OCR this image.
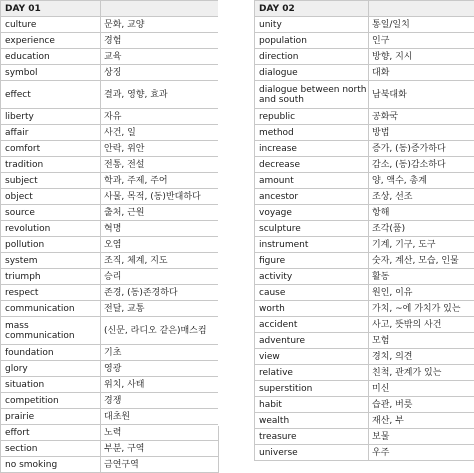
DAY 01	
culture	문화, 교양
experience	경험
education	교육
symbol	상징
effect	결과, 영향, 효과
liberty	자유
affair	사건, 일
comfort	안락, 위안
tradition	전통, 전설
subject	학과, 주제, 주어
object	사물, 목적, (동)반대하다
source	출처, 근원
revolution	혁명
pollution	오염
system	조직, 체계, 지도
triumph	승리
respect	존경, (동)존경하다
communication	전달, 교통
mass communication	(신문, 라디오 같은)매스컴
foundation	기초
glory	영광
situation	위치, 사태
competition	경쟁
prairie	대초원
effort	노력
section	부분, 구역
no smoking	금연구역
DAY 02	
unity	통일/일치
population	인구
direction	방향, 지시
dialogue	대화
dialogue between north and south	남북대화
republic	공화국
method	방법
increase	증가, (동)증가하다
decrease	감소, (동)감소하다
amount	양, 액수, 총계
ancestor	조상, 선조
voyage	항해
sculpture	조각(품)
instrument	기계, 기구, 도구
figure	숫자, 계산, 모습, 인물
activity	활동
cause	원인, 이유
worth	가치, ~에 가치가 있는
accident	사고, 뜻밖의 사건
adventure	모험
view	경치, 의견
relative	친척, 관계가 있는
superstition	미신
habit	습관, 버릇
wealth	재산, 부
treasure	보물
universe	우주
